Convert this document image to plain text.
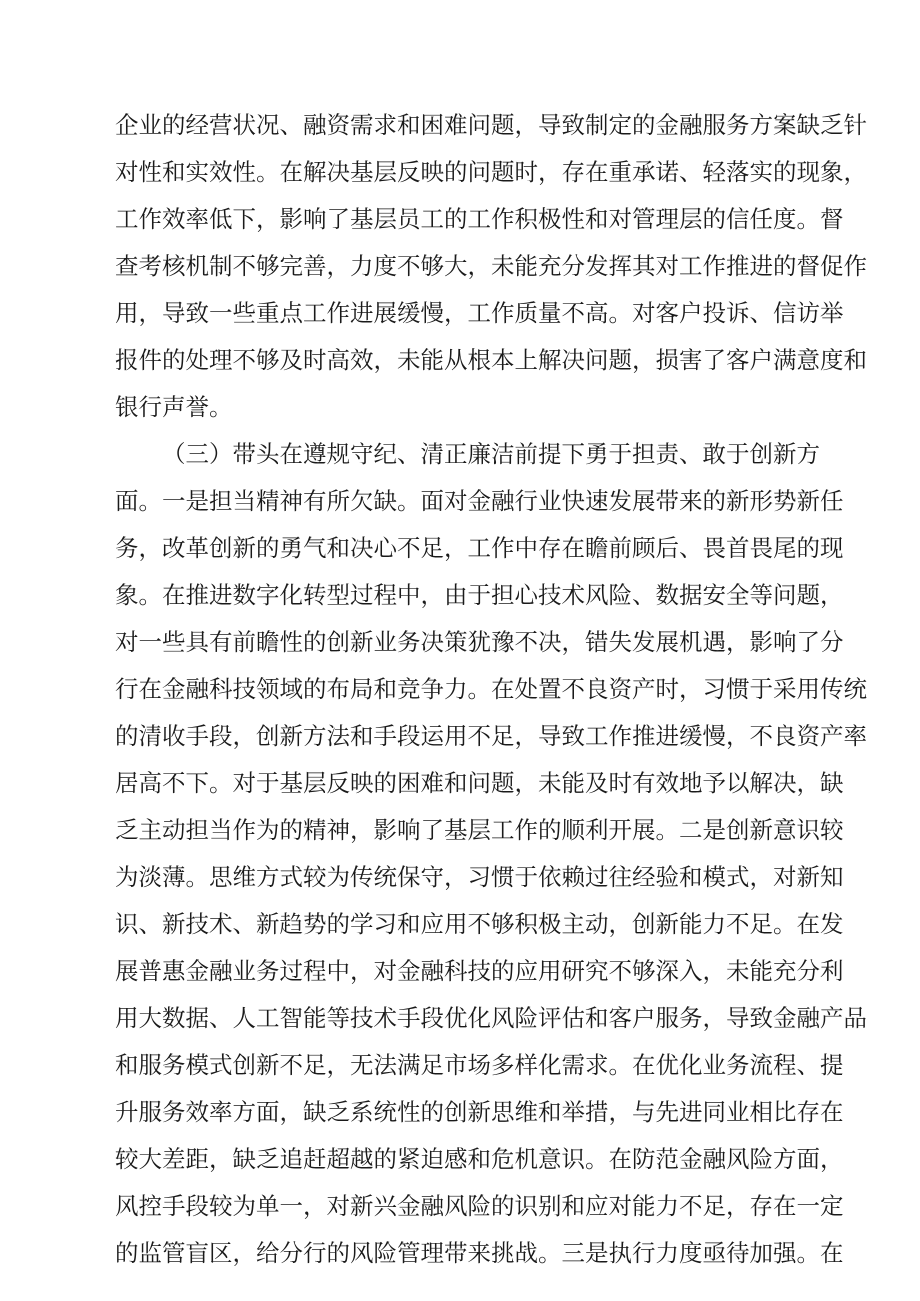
企业的经营状况、融资需求和困难问题，导致制定的金融服务方案缺乏针
对性和实效性。在解决基层反映的问题时，存在重承诺、轻落实的现象，
工作效率低下，影响了基层员工的工作积极性和对管理层的信任度。督
查考核机制不够完善，力度不够大，未能充分发挥其对工作推进的督促作
用，导致一些重点工作进展缓慢，工作质量不高。对客户投诉、信访举
报件的处理不够及时高效，未能从根本上解决问题，损害了客户满意度和
银行声誉。
（三）带头在遵规守纪、清正廉洁前提下勇于担责、敢于创新方
面。一是担当精神有所欠缺。面对金融行业快速发展带来的新形势新任
务，改革创新的勇气和决心不足，工作中存在瞻前顾后、畏首畏尾的现
象。在推进数字化转型过程中，由于担心技术风险、数据安全等问题，
对一些具有前瞻性的创新业务决策犹豫不决，错失发展机遇，影响了分
行在金融科技领域的布局和竞争力。在处置不良资产时，习惯于采用传统
的清收手段，创新方法和手段运用不足，导致工作推进缓慢，不良资产率
居高不下。对于基层反映的困难和问题，未能及时有效地予以解决，缺
乏主动担当作为的精神，影响了基层工作的顺利开展。二是创新意识较
为淡薄。思维方式较为传统保守，习惯于依赖过往经验和模式，对新知
识、新技术、新趋势的学习和应用不够积极主动，创新能力不足。在发
展普惠金融业务过程中，对金融科技的应用研究不够深入，未能充分利
用大数据、人工智能等技术手段优化风险评估和客户服务，导致金融产品
和服务模式创新不足，无法满足市场多样化需求。在优化业务流程、提
升服务效率方面，缺乏系统性的创新思维和举措，与先进同业相比存在
较大差距，缺乏追赶超越的紧迫感和危机意识。在防范金融风险方面，
风控手段较为单一，对新兴金融风险的识别和应对能力不足，存在一定
的监管盲区，给分行的风险管理带来挑战。三是执行力度亟待加强。在
